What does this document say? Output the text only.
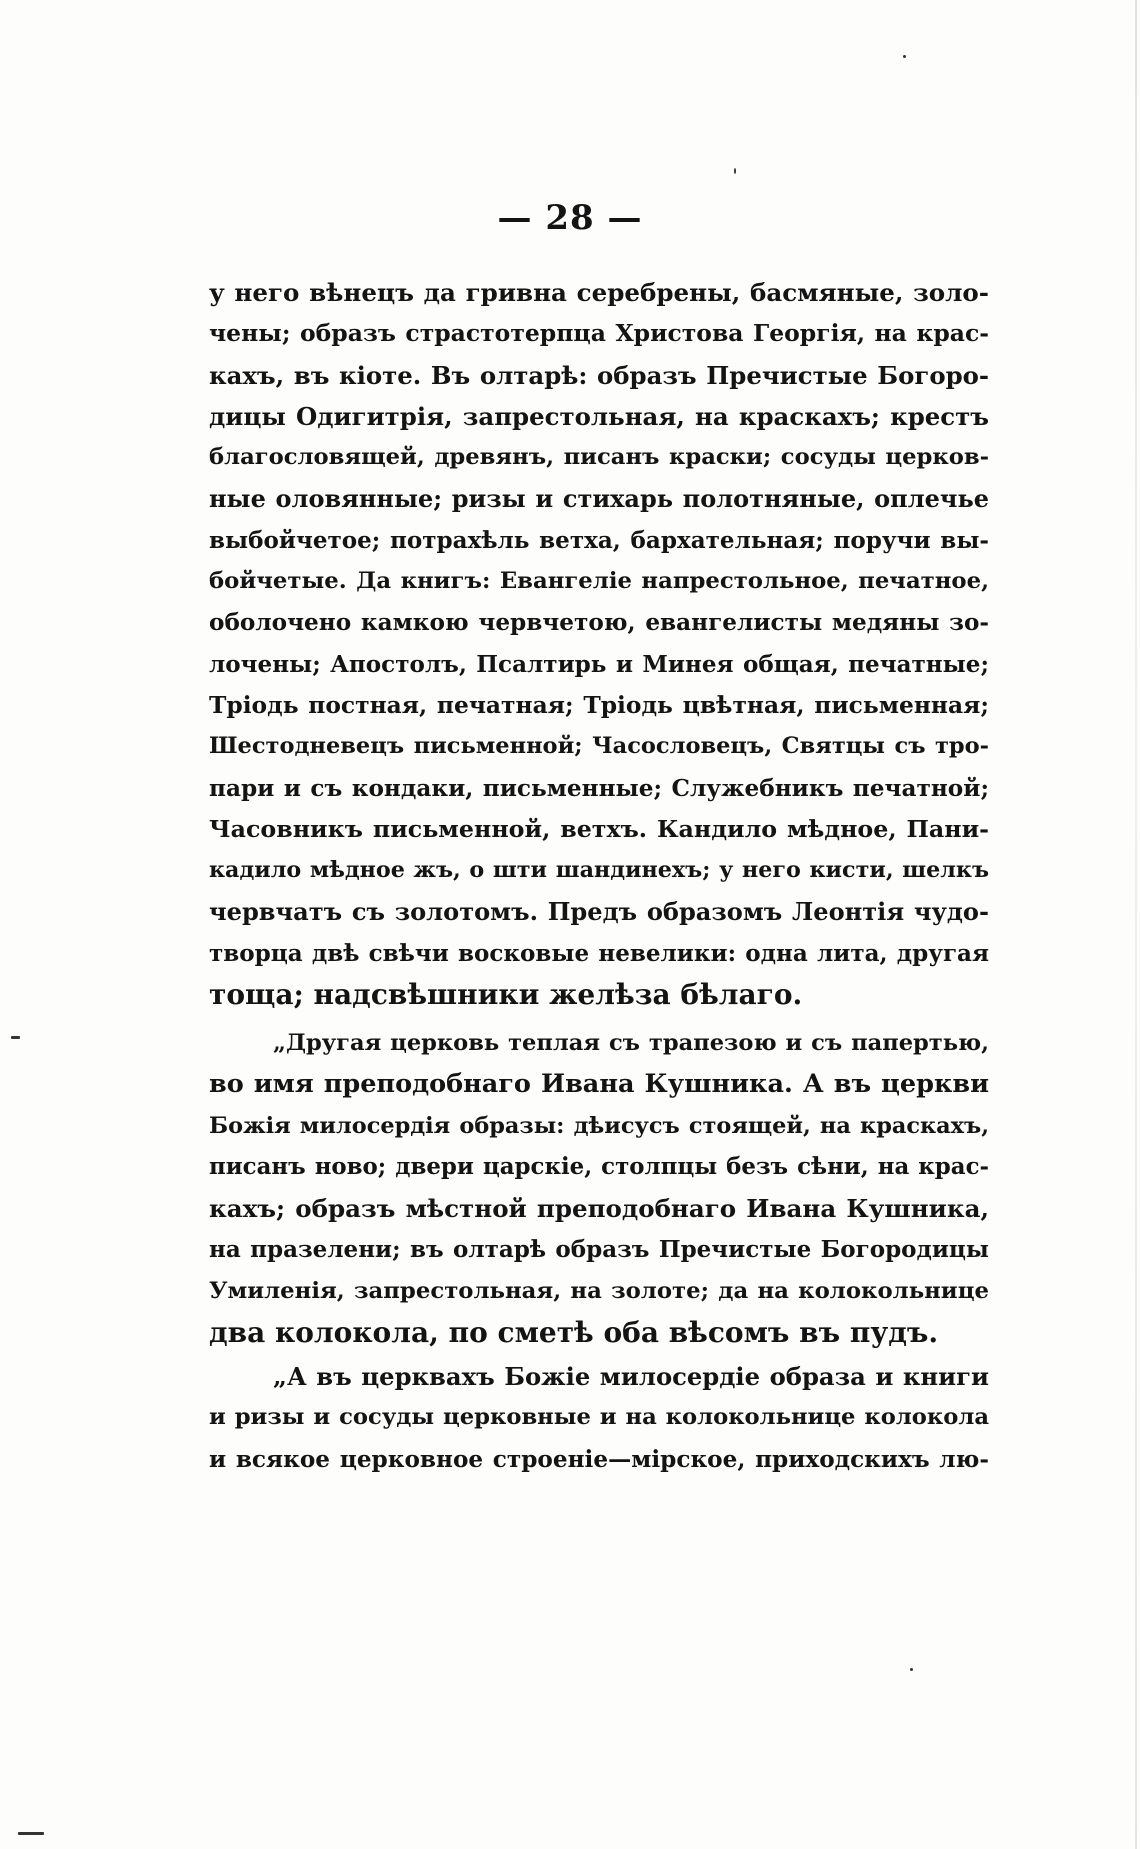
— 28 —
у него вѣнецъ да гривна серебрены, басмяные, золо-
чены; образъ страстотерпца Христова Георгія, на крас-
кахъ, въ кіоте. Въ олтарѣ: образъ Пречистые Богоро-
дицы Одигитрія, запрестольная, на краскахъ; крестъ
благословящей, древянъ, писанъ краски; сосуды церков-
ные оловянные; ризы и стихарь полотняные, оплечье
выбойчетое; потрахѣль ветха, бархательная; поручи вы-
бойчетые. Да книгъ: Евангеліе напрестольное, печатное,
оболочено камкою червчетою, евангелисты медяны зо-
лочены; Апостолъ, Псалтирь и Минея общая, печатные;
Тріодь постная, печатная; Тріодь цвѣтная, письменная;
Шестодневецъ письменной; Часословецъ, Святцы съ тро-
пари и съ кондаки, письменные; Служебникъ печатной;
Часовникъ письменной, ветхъ. Кандило мѣдное, Пани-
кадило мѣдное жъ, о шти шандинехъ; у него кисти, шелкъ
червчатъ съ золотомъ. Предъ образомъ Леонтія чудо-
творца двѣ свѣчи восковые невелики: одна лита, другая
тощa; надсвѣшники желѣза бѣлаго.
„Другая церковь теплая съ трапезою и съ папертью,
во имя преподобнаго Ивана Кушника. А въ церкви
Божія милосердія образы: дѣисусъ стоящей, на краскахъ,
писанъ ново; двери царскіе, столпцы безъ сѣни, на крас-
кахъ; образъ мѣстной преподобнаго Ивана Кушника,
на празелени; въ олтарѣ образъ Пречистые Богородицы
Умиленія, запрестольная, на золоте; да на колокольнице
два колокола, по сметѣ оба вѣсомъ въ пудъ.
„А въ церквахъ Божіе милосердіе образа и книги
и ризы и сосуды церковные и на колокольнице колокола
и всякое церковное строеніе—мірское, приходскихъ лю-
